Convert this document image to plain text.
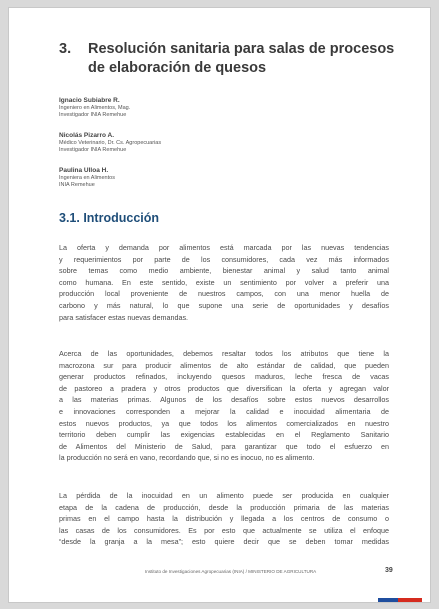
3. Resolución sanitaria para salas de procesos de elaboración de quesos
Ignacio Subiabre R.
Ingeniero en Alimentos, Mag.
Investigador INIA Remehue
Nicolás Pizarro A.
Médico Veterinario, Dr. Cs. Agropecuarias
Investigador INIA Remehue
Paulina Ulloa H.
Ingeniera en Alimentos
INIA Remehue
3.1. Introducción
La oferta y demanda por alimentos está marcada por las nuevas tendencias
y requerimientos por parte de los consumidores, cada vez más informados
sobre temas como medio ambiente, bienestar animal y salud tanto animal
como humana. En este sentido, existe un sentimiento por volver a preferir una
producción local proveniente de nuestros campos, con una menor huella de
carbono y más natural, lo que supone una serie de oportunidades y desafíos
para satisfacer estas nuevas demandas.
Acerca de las oportunidades, debemos resaltar todos los atributos que tiene la
macrozona sur para producir alimentos de alto estándar de calidad, que pueden
generar productos refinados, incluyendo quesos maduros, leche fresca de vacas
de pastoreo a pradera y otros productos que diversifican la oferta y agregan valor
a las materias primas. Algunos de los desafíos sobre estos nuevos desarrollos
e innovaciones corresponden a mejorar la calidad e inocuidad alimentaria de
estos nuevos productos, ya que todos los alimentos comercializados en nuestro
territorio deben cumplir las exigencias establecidas en el Reglamento Sanitario
de Alimentos del Ministerio de Salud, para garantizar que todo el esfuerzo en
la producción no será en vano, recordando que, si no es inocuo, no es alimento.
La pérdida de la inocuidad en un alimento puede ser producida en cualquier
etapa de la cadena de producción, desde la producción primaria de las materias
primas en el campo hasta la distribución y llegada a los centros de consumo o
las casas de los consumidores. Es por esto que actualmente se utiliza el enfoque
“desde la granja a la mesa”; esto quiere decir que se deben tomar medidas
Instituto de Investigaciones Agropecuarias (INIA) / MINISTERIO DE AGRICULTURA	39
